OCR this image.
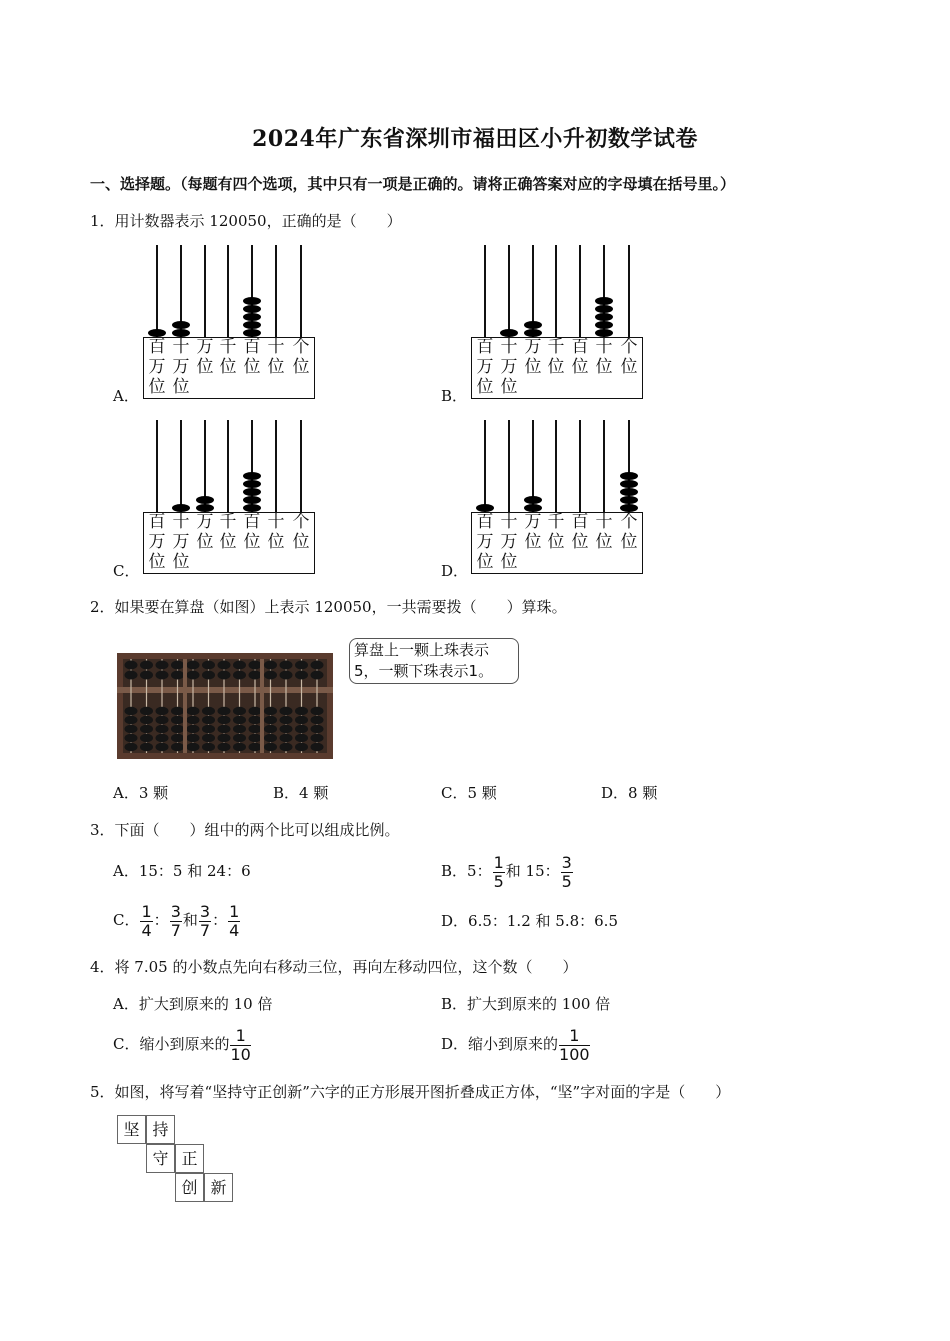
2024年广东省深圳市福田区小升初数学试卷
一、选择题。（每题有四个选项，其中只有一项是正确的。请将正确答案对应的字母填在括号里。）
1．用计数器表示 120050，正确的是（　　）
A．
百
万
位
十
万
位
万
位
千
位
百
位
十
位
个
位
B．
百
万
位
十
万
位
万
位
千
位
百
位
十
位
个
位
C．
百
万
位
十
万
位
万
位
千
位
百
位
十
位
个
位
D．
百
万
位
十
万
位
万
位
千
位
百
位
十
位
个
位
2．如果要在算盘（如图）上表示 120050，一共需要拨（　　）算珠。
算盘上一颗上珠表示
5，一颗下珠表示1。
A．3 颗	B．4 颗	C．5 颗	D．8 颗
3．下面（　　）组中的两个比可以组成比例。
A．15：5 和 24：6	B．5： $\frac{1}{5}$ 和 15： $\frac{3}{5}$
C． $\frac{1}{4}$ ： $\frac{3}{7}$ 和 $\frac{3}{7}$ ： $\frac{1}{4}$	D．6.5：1.2 和 5.8：6.5
4．将 7.05 的小数点先向右移动三位，再向左移动四位，这个数（　　）
A．扩大到原来的 10 倍	B．扩大到原来的 100 倍
C．缩小到原来的 $\frac{1}{10}$	D．缩小到原来的 $\frac{1}{100}$
5．如图，将写着“坚持守正创新”六字的正方形展开图折叠成正方体，“坚”字对面的字是（　　）
坚 持
守 正
创 新
